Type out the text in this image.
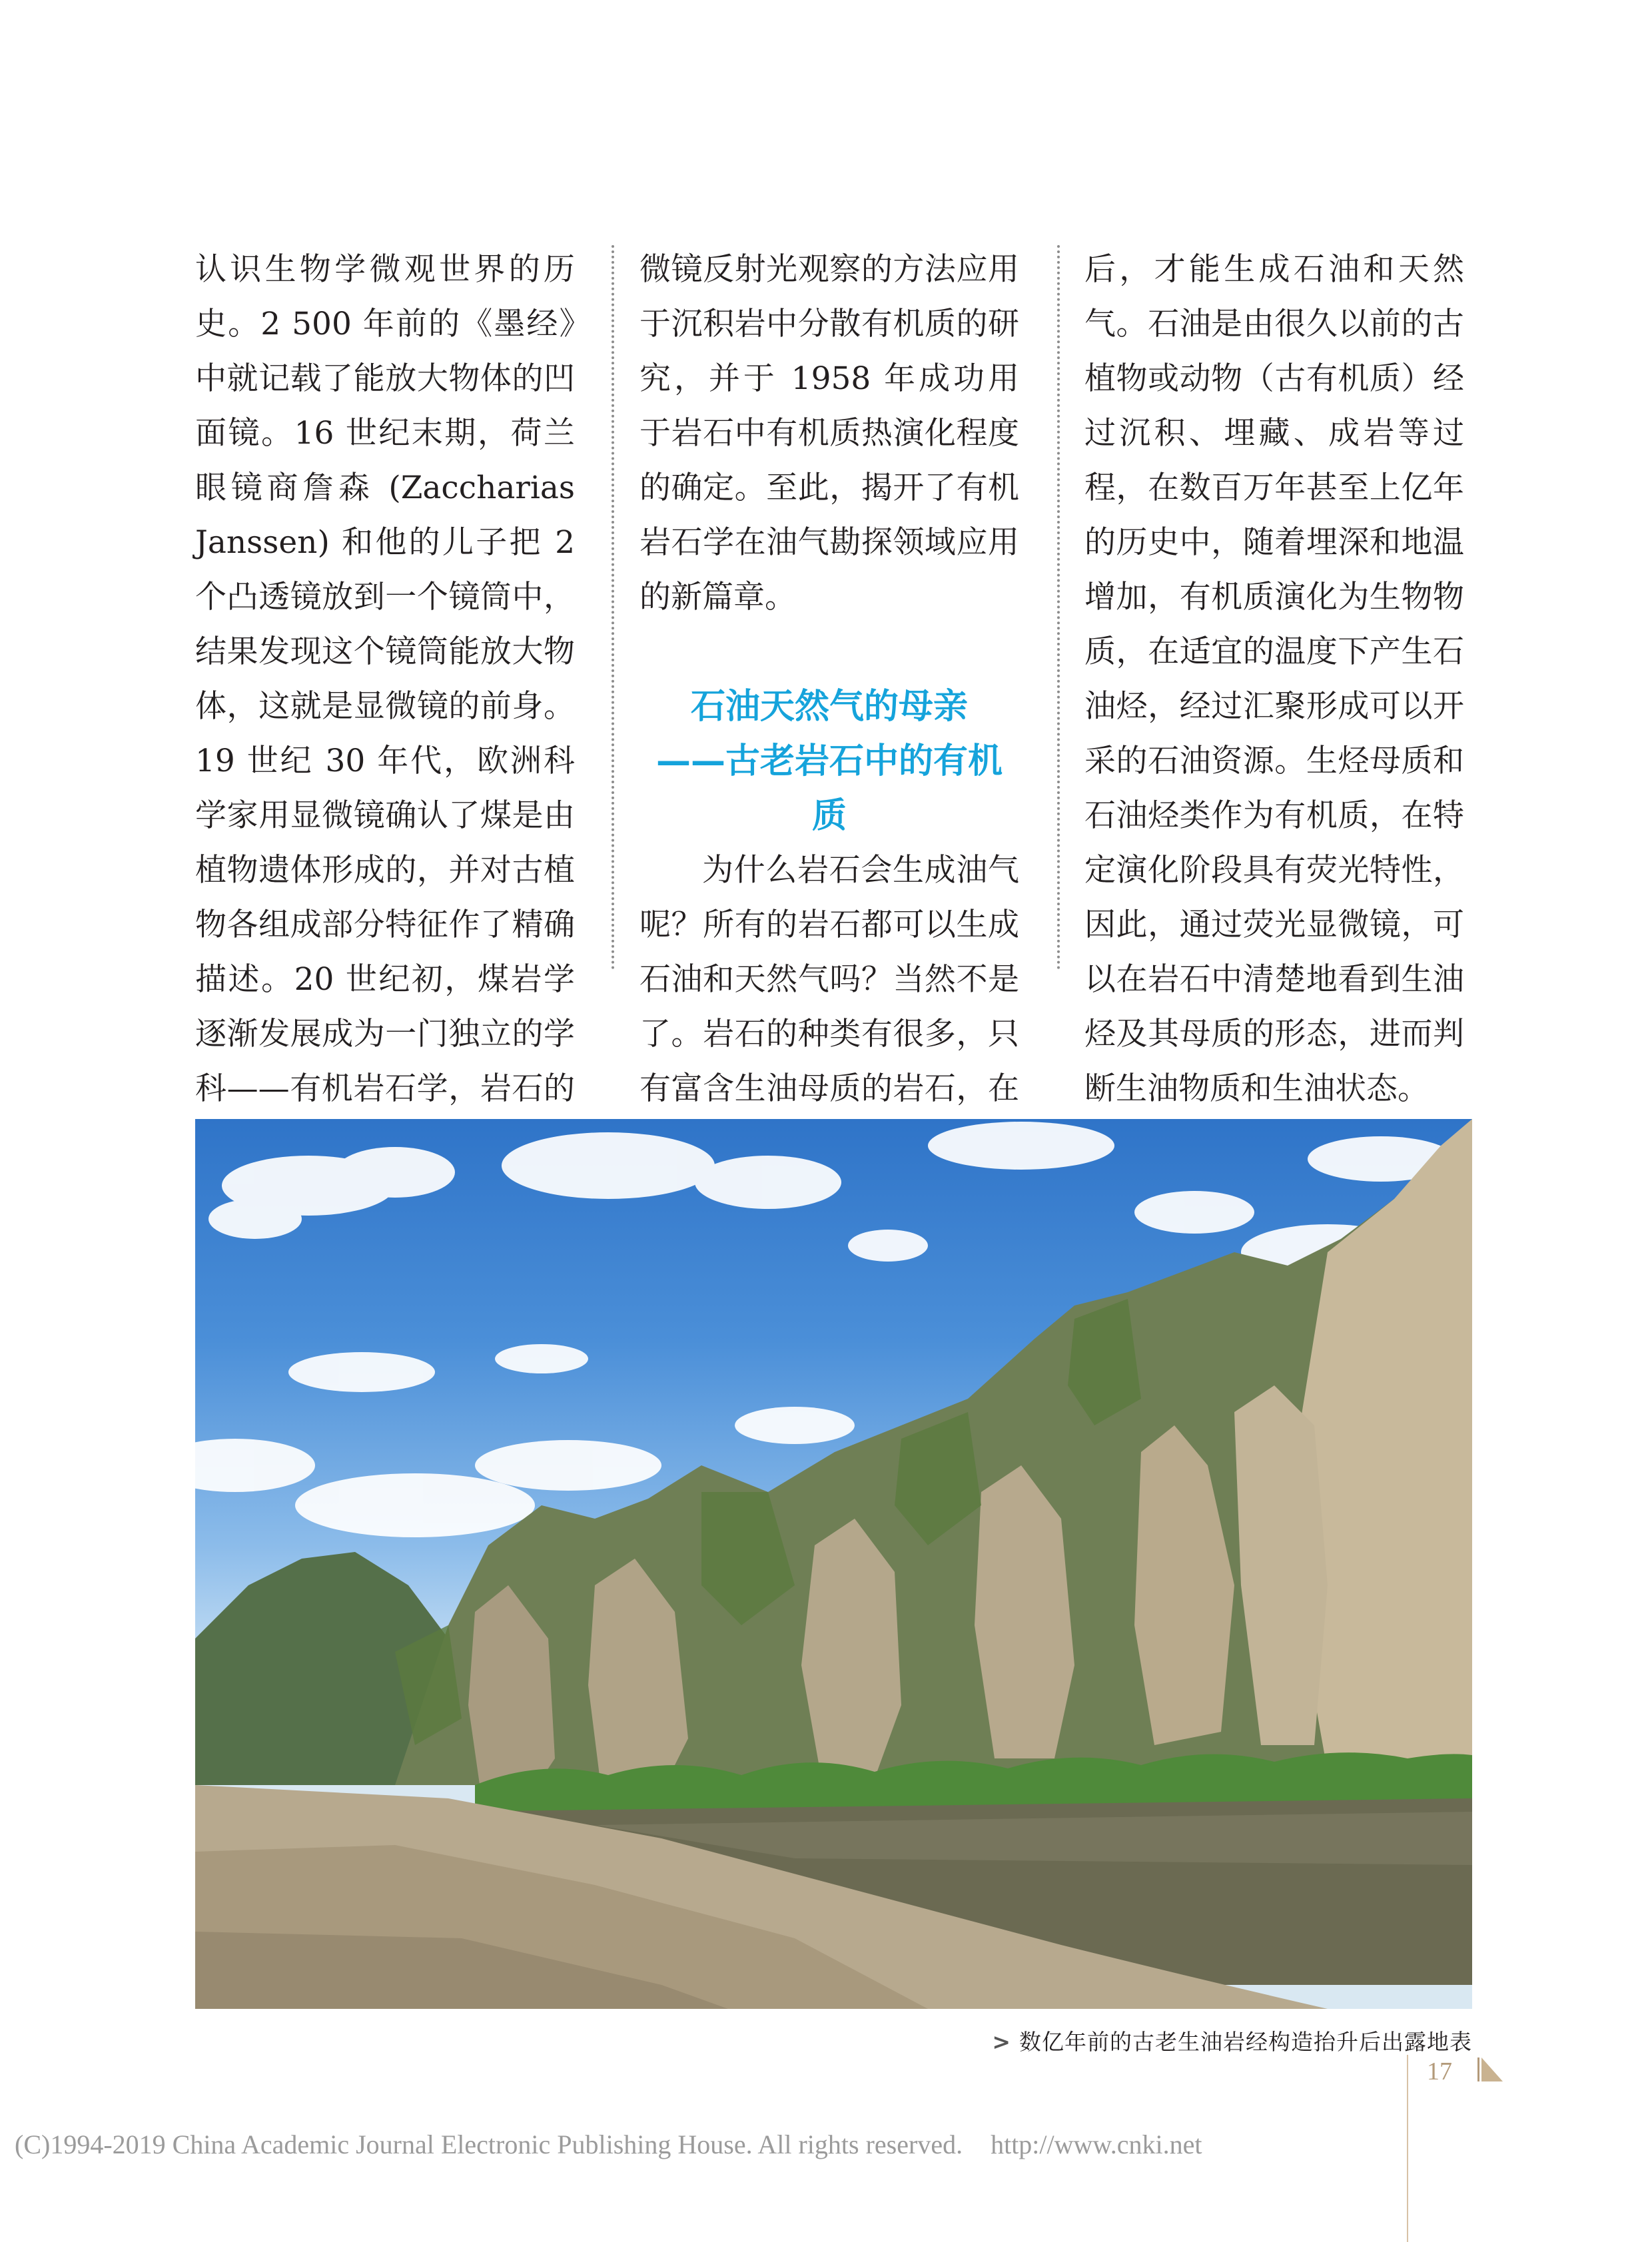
认识生物学微观世界的历史。2 500 年前的《墨经》中就记载了能放大物体的凹面镜。16 世纪末期，荷兰眼镜商詹森 (Zaccharias Janssen) 和他的儿子把 2 个凸透镜放到一个镜筒中，结果发现这个镜筒能放大物体，这就是显微镜的前身。19 世纪 30 年代，欧洲科学家用显微镜确认了煤是由植物遗体形成的，并对古植物各组成部分特征作了精确描述。20 世纪初，煤岩学逐渐发展成为一门独立的学科——有机岩石学，岩石的

微镜反射光观察的方法应用于沉积岩中分散有机质的研究，并于 1958 年成功用于岩石中有机质热演化程度的确定。至此，揭开了有机岩石学在油气勘探领域应用的新篇章。

石油天然气的母亲
——古老岩石中的有机质

为什么岩石会生成油气呢？所有的岩石都可以生成石油和天然气吗？当然不是了。岩石的种类有很多，只有富含生油母质的岩石，在

后，才能生成石油和天然气。石油是由很久以前的古植物或动物（古有机质）经过沉积、埋藏、成岩等过程，在数百万年甚至上亿年的历史中，随着埋深和地温增加，有机质演化为生物物质，在适宜的温度下产生石油烃，经过汇聚形成可以开采的石油资源。生烃母质和石油烃类作为有机质，在特定演化阶段具有荧光特性，因此，通过荧光显微镜，可以在岩石中清楚地看到生油烃及其母质的形态，进而判断生油物质和生油状态。

> 数亿年前的古老生油岩经构造抬升后出露地表
17
(C)1994-2019 China Academic Journal Electronic Publishing House. All rights reserved. http://www.cnki.net
